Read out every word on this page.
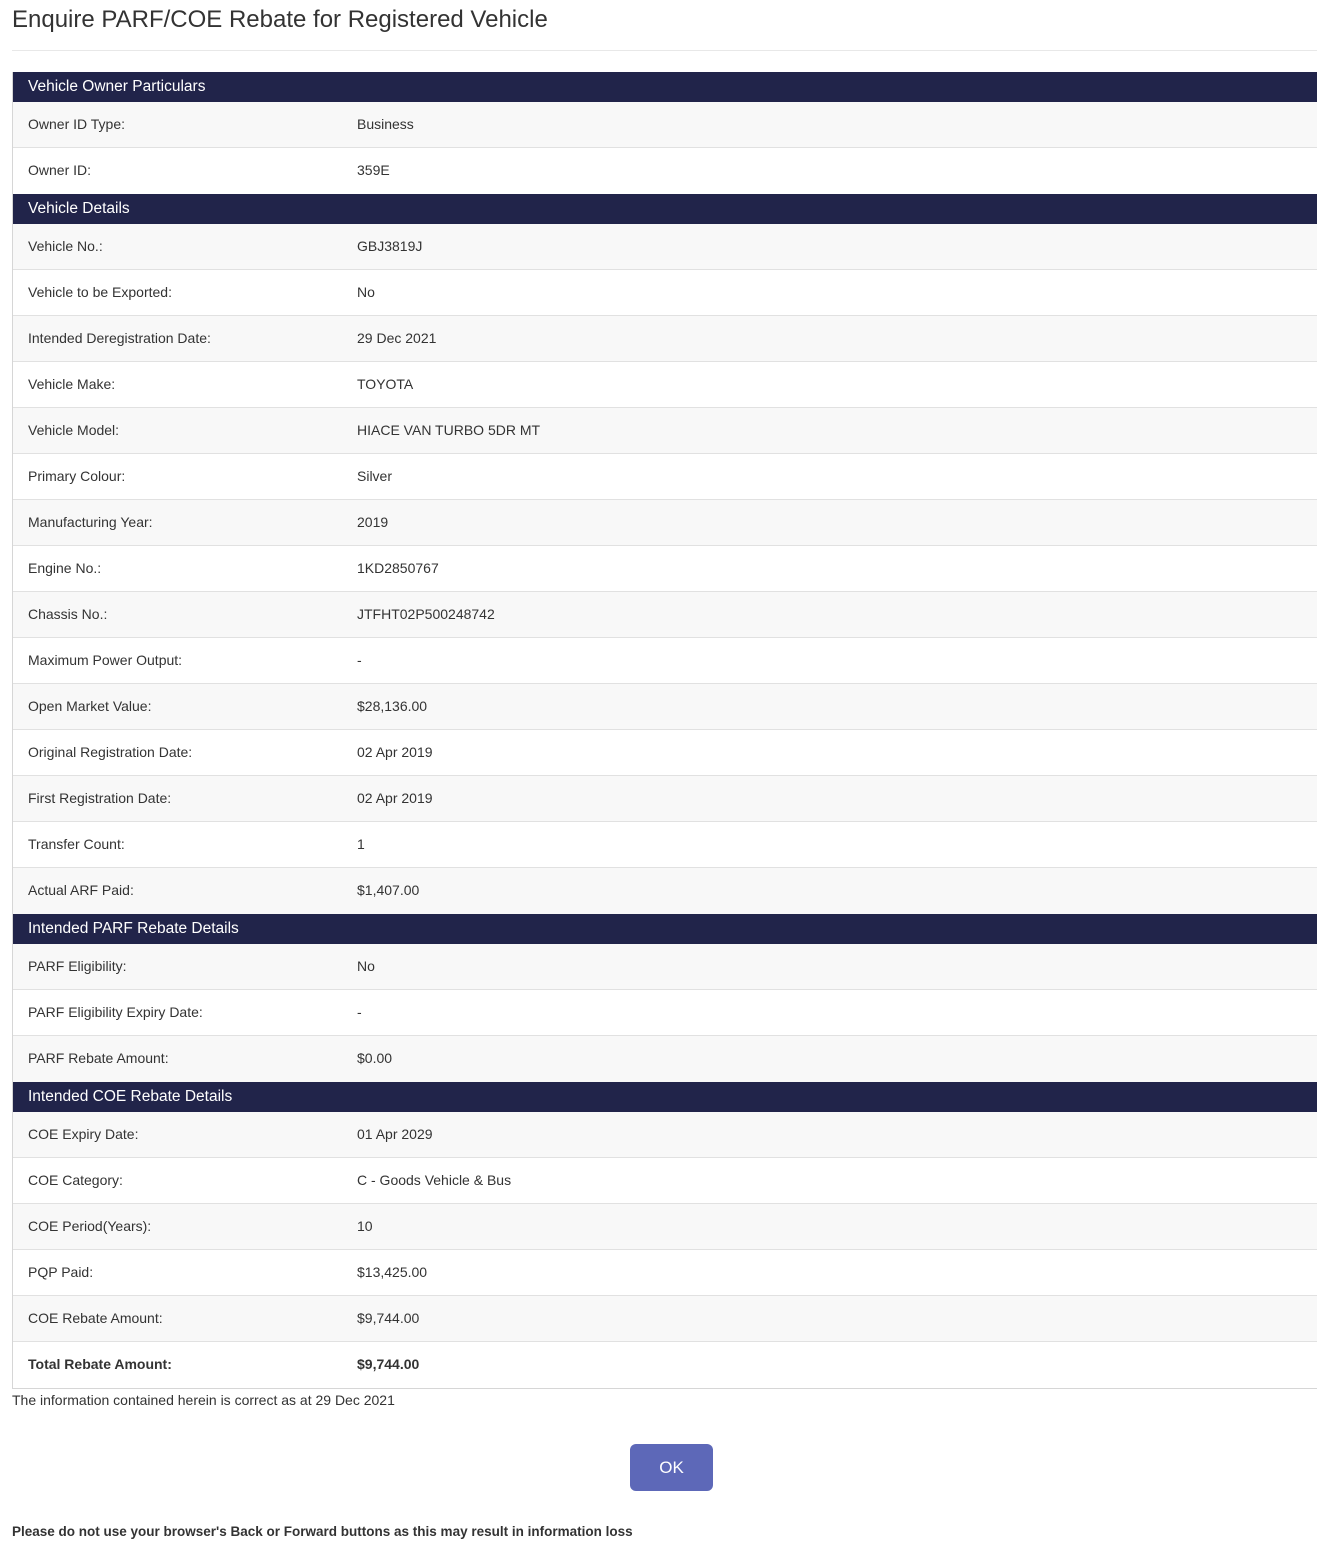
Enquire PARF/COE Rebate for Registered Vehicle
Vehicle Owner Particulars
Owner ID Type:	Business
Owner ID:	359E
Vehicle Details
Vehicle No.:	GBJ3819J
Vehicle to be Exported:	No
Intended Deregistration Date:	29 Dec 2021
Vehicle Make:	TOYOTA
Vehicle Model:	HIACE VAN TURBO 5DR MT
Primary Colour:	Silver
Manufacturing Year:	2019
Engine No.:	1KD2850767
Chassis No.:	JTFHT02P500248742
Maximum Power Output:	-
Open Market Value:	$28,136.00
Original Registration Date:	02 Apr 2019
First Registration Date:	02 Apr 2019
Transfer Count:	1
Actual ARF Paid:	$1,407.00
Intended PARF Rebate Details
PARF Eligibility:	No
PARF Eligibility Expiry Date:	-
PARF Rebate Amount:	$0.00
Intended COE Rebate Details
COE Expiry Date:	01 Apr 2029
COE Category:	C - Goods Vehicle & Bus
COE Period(Years):	10
PQP Paid:	$13,425.00
COE Rebate Amount:	$9,744.00
Total Rebate Amount:	$9,744.00
The information contained herein is correct as at 29 Dec 2021
OK
Please do not use your browser's Back or Forward buttons as this may result in information loss
